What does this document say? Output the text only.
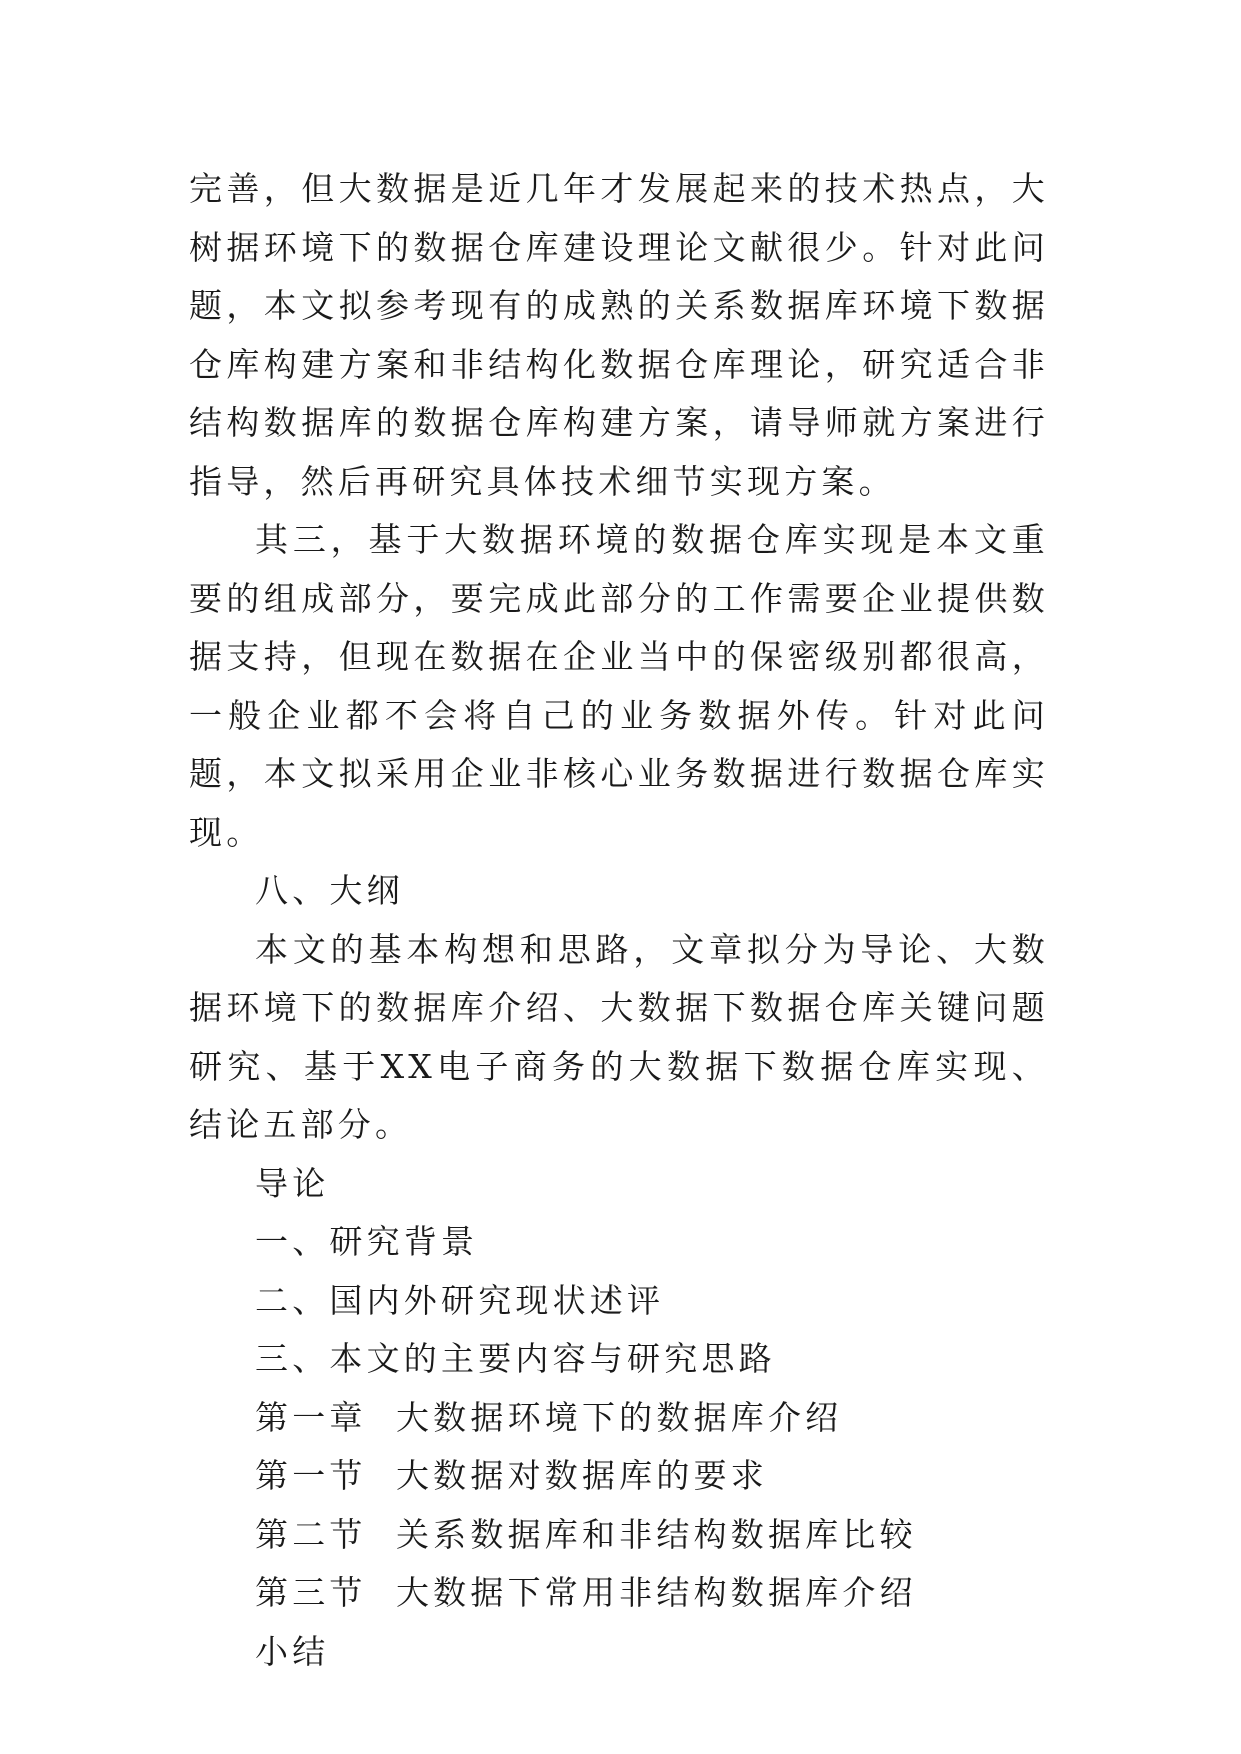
完善，但大数据是近几年才发展起来的技术热点，大树据环境下的数据仓库建设理论文献很少。针对此问题，本文拟参考现有的成熟的关系数据库环境下数据仓库构建方案和非结构化数据仓库理论，研究适合非结构数据库的数据仓库构建方案，请导师就方案进行指导，然后再研究具体技术细节实现方案。

其三，基于大数据环境的数据仓库实现是本文重要的组成部分，要完成此部分的工作需要企业提供数据支持，但现在数据在企业当中的保密级别都很高，一般企业都不会将自己的业务数据外传。针对此问题，本文拟采用企业非核心业务数据进行数据仓库实现。

八、大纲

本文的基本构想和思路，文章拟分为导论、大数据环境下的数据库介绍、大数据下数据仓库关键问题研究、基于XX电子商务的大数据下数据仓库实现、结论五部分。

导论

一、研究背景

二、国内外研究现状述评

三、本文的主要内容与研究思路

第一章  大数据环境下的数据库介绍

第一节  大数据对数据库的要求

第二节  关系数据库和非结构数据库比较

第三节  大数据下常用非结构数据库介绍

小结
